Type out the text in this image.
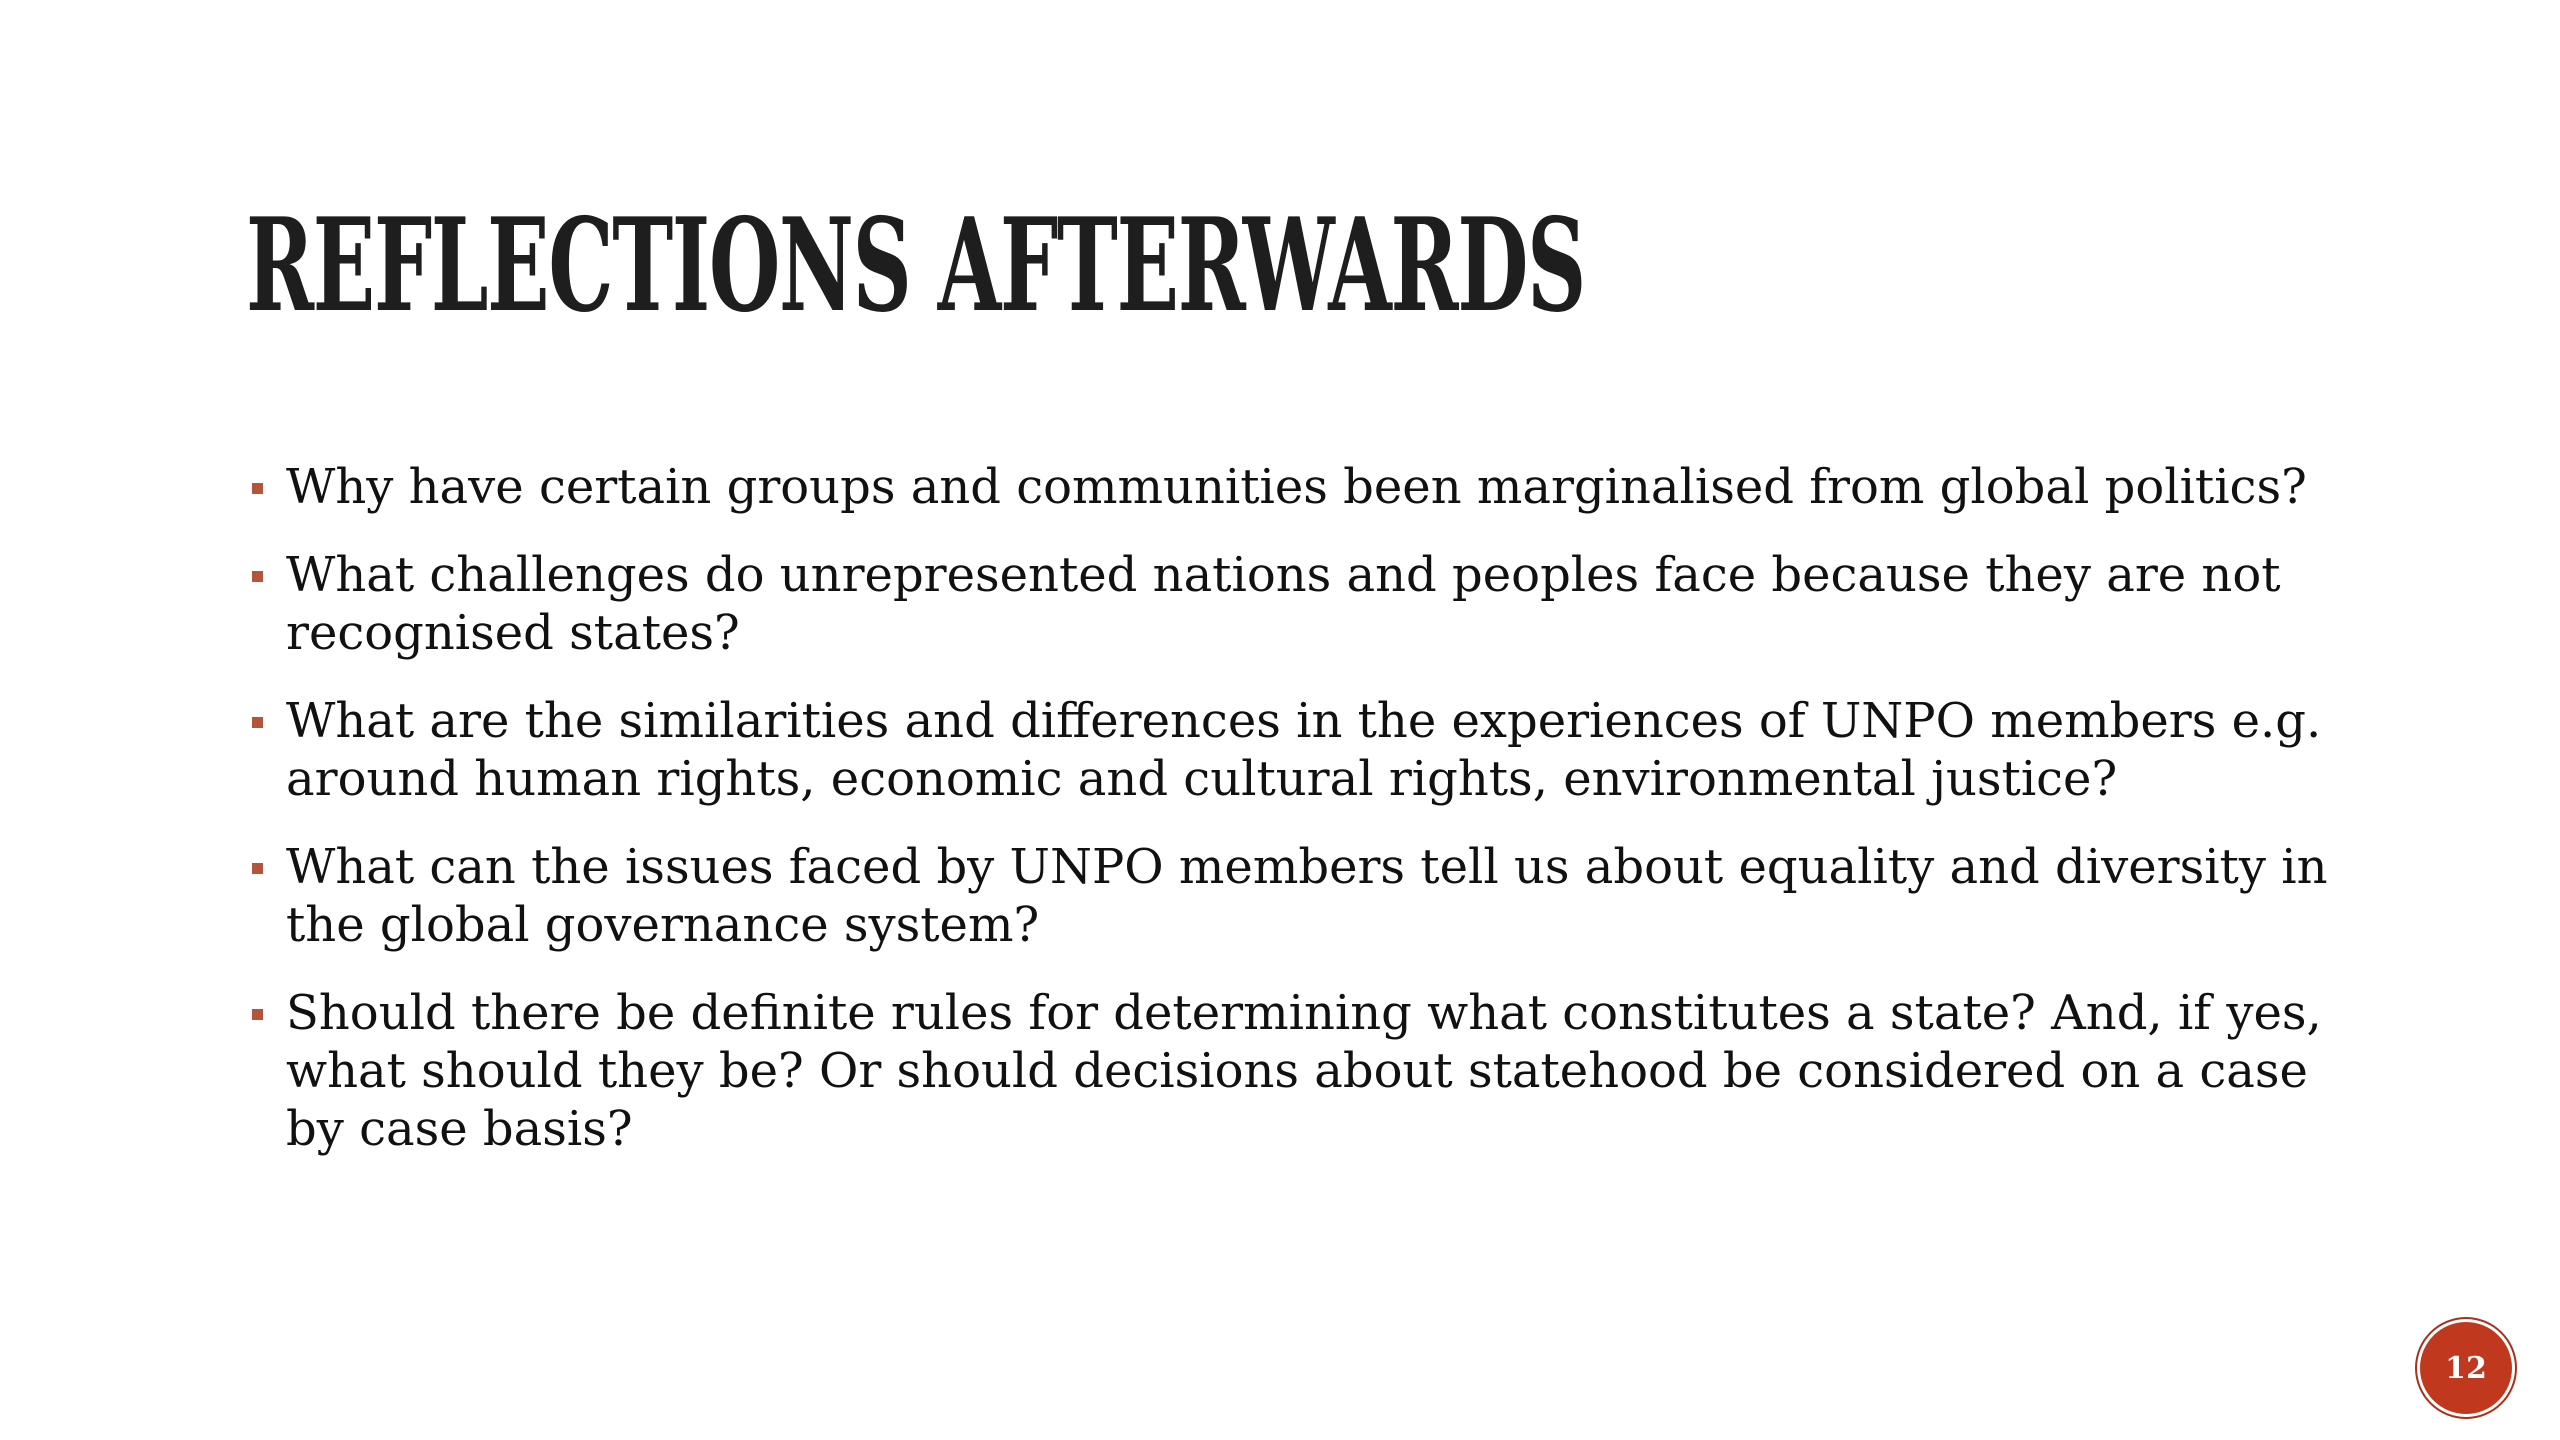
REFLECTIONS AFTERWARDS
Why have certain groups and communities been marginalised from global politics?
What challenges do unrepresented nations and peoples face because they are not recognised states?
What are the similarities and differences in the experiences of UNPO members e.g. around human rights, economic and cultural rights, environmental justice?
What can the issues faced by UNPO members tell us about equality and diversity in the global governance system?
Should there be definite rules for determining what constitutes a state? And, if yes, what should they be? Or should decisions about statehood be considered on a case by case basis?
12
